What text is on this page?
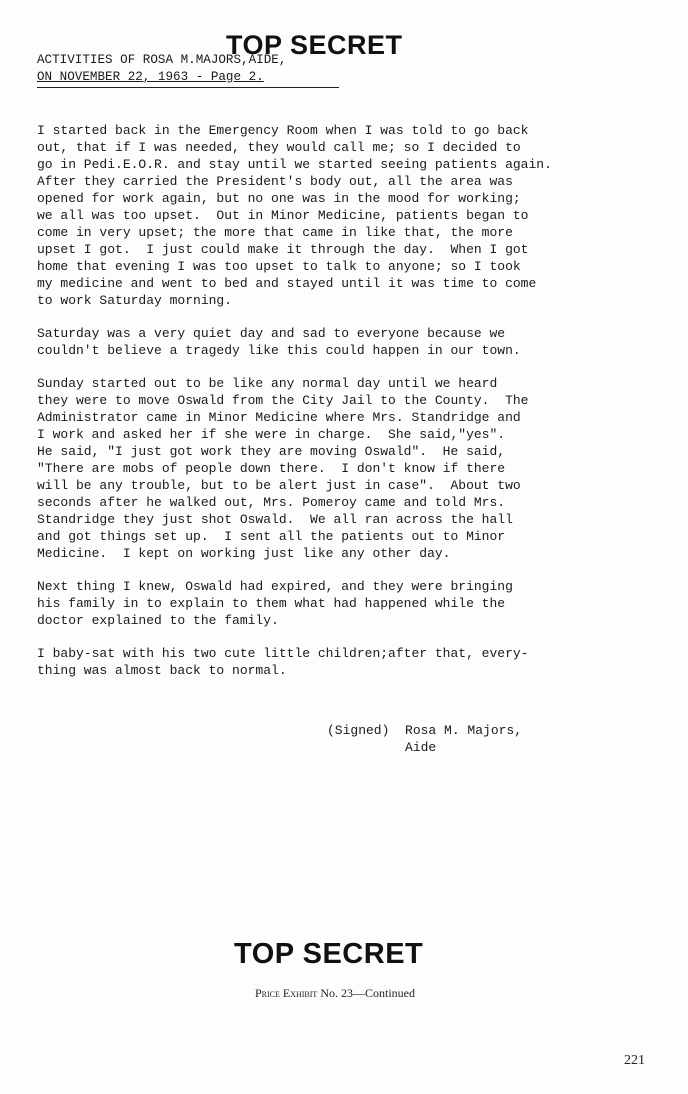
TOP SECRET
ACTIVITIES OF ROSA M.MAJORS,AIDE,
ON NOVEMBER 22, 1963 - Page 2.
I started back in the Emergency Room when I was told to go back
out, that if I was needed, they would call me; so I decided to
go in Pedi.E.O.R. and stay until we started seeing patients again.
After they carried the President's body out, all the area was
opened for work again, but no one was in the mood for working;
we all was too upset.  Out in Minor Medicine, patients began to
come in very upset; the more that came in like that, the more
upset I got.  I just could make it through the day.  When I got
home that evening I was too upset to talk to anyone; so I took
my medicine and went to bed and stayed until it was time to come
to work Saturday morning.
Saturday was a very quiet day and sad to everyone because we
couldn't believe a tragedy like this could happen in our town.
Sunday started out to be like any normal day until we heard
they were to move Oswald from the City Jail to the County.  The
Administrator came in Minor Medicine where Mrs. Standridge and
I work and asked her if she were in charge.  She said,"yes".
He said, "I just got work they are moving Oswald".  He said,
"There are mobs of people down there.  I don't know if there
will be any trouble, but to be alert just in case".  About two
seconds after he walked out, Mrs. Pomeroy came and told Mrs.
Standridge they just shot Oswald.  We all ran across the hall
and got things set up.  I sent all the patients out to Minor
Medicine.  I kept on working just like any other day.
Next thing I knew, Oswald had expired, and they were bringing
his family in to explain to them what had happened while the
doctor explained to the family.
I baby-sat with his two cute little children;after that, every-
thing was almost back to normal.
(Signed)  Rosa M. Majors,
Aide
TOP SECRET
Price Exhibit No. 23—Continued
221
